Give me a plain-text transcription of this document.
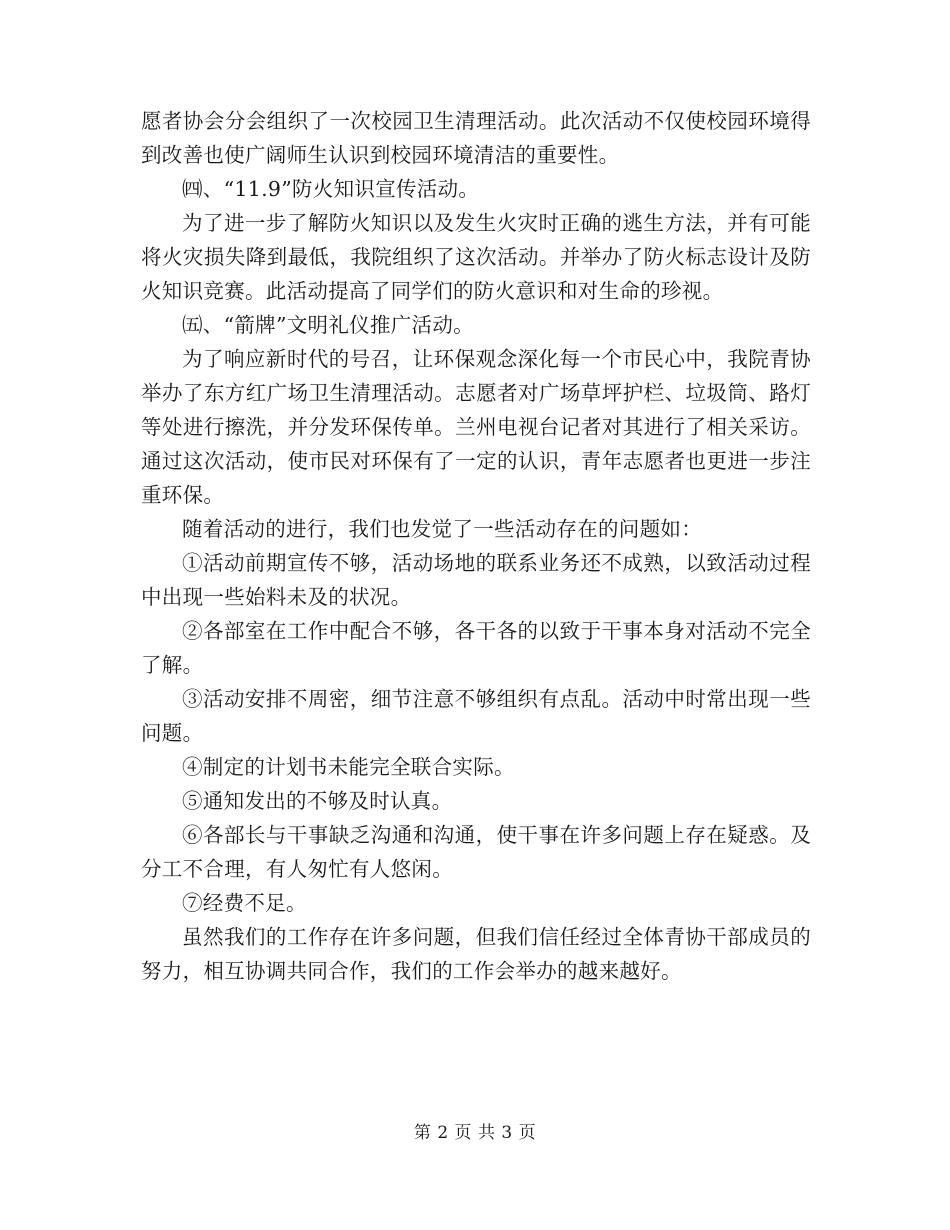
愿者协会分会组织了一次校园卫生清理活动。此次活动不仅使校园环境得到改善也使广阔师生认识到校园环境清洁的重要性。

㈣、“11.9”防火知识宣传活动。

为了进一步了解防火知识以及发生火灾时正确的逃生方法，并有可能将火灾损失降到最低，我院组织了这次活动。并举办了防火标志设计及防火知识竞赛。此活动提高了同学们的防火意识和对生命的珍视。

㈤、“箭牌”文明礼仪推广活动。

为了响应新时代的号召，让环保观念深化每一个市民心中，我院青协举办了东方红广场卫生清理活动。志愿者对广场草坪护栏、垃圾筒、路灯等处进行擦洗，并分发环保传单。兰州电视台记者对其进行了相关采访。通过这次活动，使市民对环保有了一定的认识，青年志愿者也更进一步注重环保。

随着活动的进行，我们也发觉了一些活动存在的问题如：

①活动前期宣传不够，活动场地的联系业务还不成熟，以致活动过程中出现一些始料未及的状况。

②各部室在工作中配合不够，各干各的以致于干事本身对活动不完全了解。

③活动安排不周密，细节注意不够组织有点乱。活动中时常出现一些问题。

④制定的计划书未能完全联合实际。

⑤通知发出的不够及时认真。

⑥各部长与干事缺乏沟通和沟通，使干事在许多问题上存在疑惑。及分工不合理，有人匆忙有人悠闲。

⑦经费不足。

虽然我们的工作存在许多问题，但我们信任经过全体青协干部成员的努力，相互协调共同合作，我们的工作会举办的越来越好。

第 2 页 共 3 页
